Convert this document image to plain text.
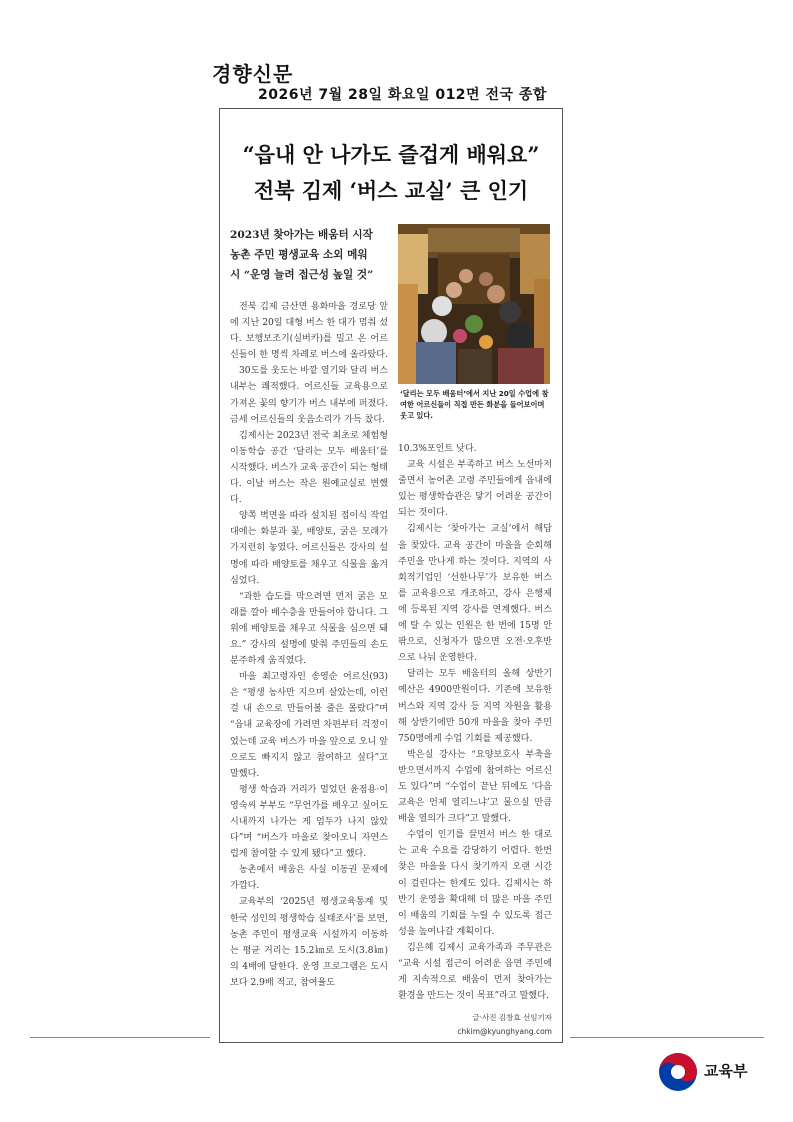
경향신문
2026년 7월 28일 화요일 012면 전국 종합
“읍내 안 나가도 즐겁게 배워요”
전북 김제 ‘버스 교실’ 큰 인기
2023년 찾아가는 배움터 시작
농촌 주민 평생교육 소외 메워
시 “운영 늘려 접근성 높일 것”
‘달리는 모두 배움터’에서 지난 20일 수업에 참여한 어르신들이 직접 만든 화분을 들어보이며 웃고 있다.

전북 김제 금산면 용화마을 경로당 앞에 지난 20일 대형 버스 한 대가 멈춰 섰다. 보행보조기(실버카)를 밀고 온 어르신들이 한 명씩 차례로 버스에 올라탔다.

30도를 웃도는 바깥 열기와 달리 버스 내부는 쾌적했다. 어르신들 교육용으로 가져온 꽃의 향기가 버스 내부에 퍼졌다. 금세 어르신들의 웃음소리가 가득 찼다.

김제시는 2023년 전국 최초로 체험형 이동학습 공간 ‘달리는 모두 배움터’를 시작했다. 버스가 교육 공간이 되는 형태다. 이날 버스는 작은 원예교실로 변했다.

양쪽 벽면을 따라 설치된 접이식 작업대에는 화분과 꽃, 배양토, 굵은 모래가 가지런히 놓였다. 어르신들은 강사의 설명에 따라 배양토를 채우고 식물을 옮겨 심었다.

“과한 습도를 막으려면 먼저 굵은 모래를 깔아 배수층을 만들어야 합니다. 그 위에 배양토를 채우고 식물을 심으면 돼요.” 강사의 설명에 맞춰 주민들의 손도 분주하게 움직였다.

마을 최고령자인 송영순 어르신(93)은 “평생 농사만 지으며 살았는데, 이런 걸 내 손으로 만들어볼 줄은 몰랐다”며 “읍내 교육장에 가려면 차편부터 걱정이었는데 교육 버스가 마을 앞으로 오니 앞으로도 빠지지 않고 참여하고 싶다”고 말했다.

평생 학습과 거리가 멀었던 윤점용·이영숙씨 부부도 “무언가를 배우고 싶어도 시내까지 나가는 게 엄두가 나지 않았다”며 “버스가 마을로 찾아오니 자연스럽게 참여할 수 있게 됐다”고 했다.

농촌에서 배움은 사실 이동권 문제에 가깝다.

교육부의 ‘2025년 평생교육통계 및 한국 성인의 평생학습 실태조사’를 보면, 농촌 주민이 평생교육 시설까지 이동하는 평균 거리는 15.2㎞로 도시(3.8㎞)의 4배에 달한다. 운영 프로그램은 도시보다 2.9배 적고, 참여율도

10.3%포인트 낮다.

교육 시설은 부족하고 버스 노선마저 줄면서 농어촌 고령 주민들에게 읍내에 있는 평생학습관은 닿기 어려운 공간이 되는 것이다.

김제시는 ‘찾아가는 교실’에서 해답을 찾았다. 교육 공간이 마을을 순회해 주민을 만나게 하는 것이다. 지역의 사회적기업인 ‘선한나무’가 보유한 버스를 교육용으로 개조하고, 강사 은행제에 등록된 지역 강사를 연계했다. 버스에 탈 수 있는 인원은 한 번에 15명 안팎으로, 신청자가 많으면 오전·오후반으로 나눠 운영한다.

달리는 모두 배움터의 올해 상반기 예산은 4900만원이다. 기존에 보유한 버스와 지역 강사 등 지역 자원을 활용해 상반기에만 50개 마을을 찾아 주민 750명에게 수업 기회를 제공했다.

박은실 강사는 “요양보호사 부축을 받으면서까지 수업에 참여하는 어르신도 있다”며 “수업이 끝난 뒤에도 ‘다음 교육은 언제 열리느냐’고 물으실 만큼 배움 열의가 크다”고 말했다.

수업이 인기를 끌면서 버스 한 대로는 교육 수요를 감당하기 어렵다. 한번 찾은 마을을 다시 찾기까지 오랜 시간이 걸린다는 한계도 있다. 김제시는 하반기 운영을 확대해 더 많은 마을 주민이 배움의 기회를 누릴 수 있도록 접근성을 높여나갈 계획이다.

김은혜 김제시 교육가족과 주무관은 “교육 시설 접근이 어려운 읍면 주민에게 지속적으로 배움이 먼저 찾아가는 환경을 만드는 것이 목표”라고 말했다.

글·사진 김창효 선임기자
chkim@kyunghyang.com
교육부
